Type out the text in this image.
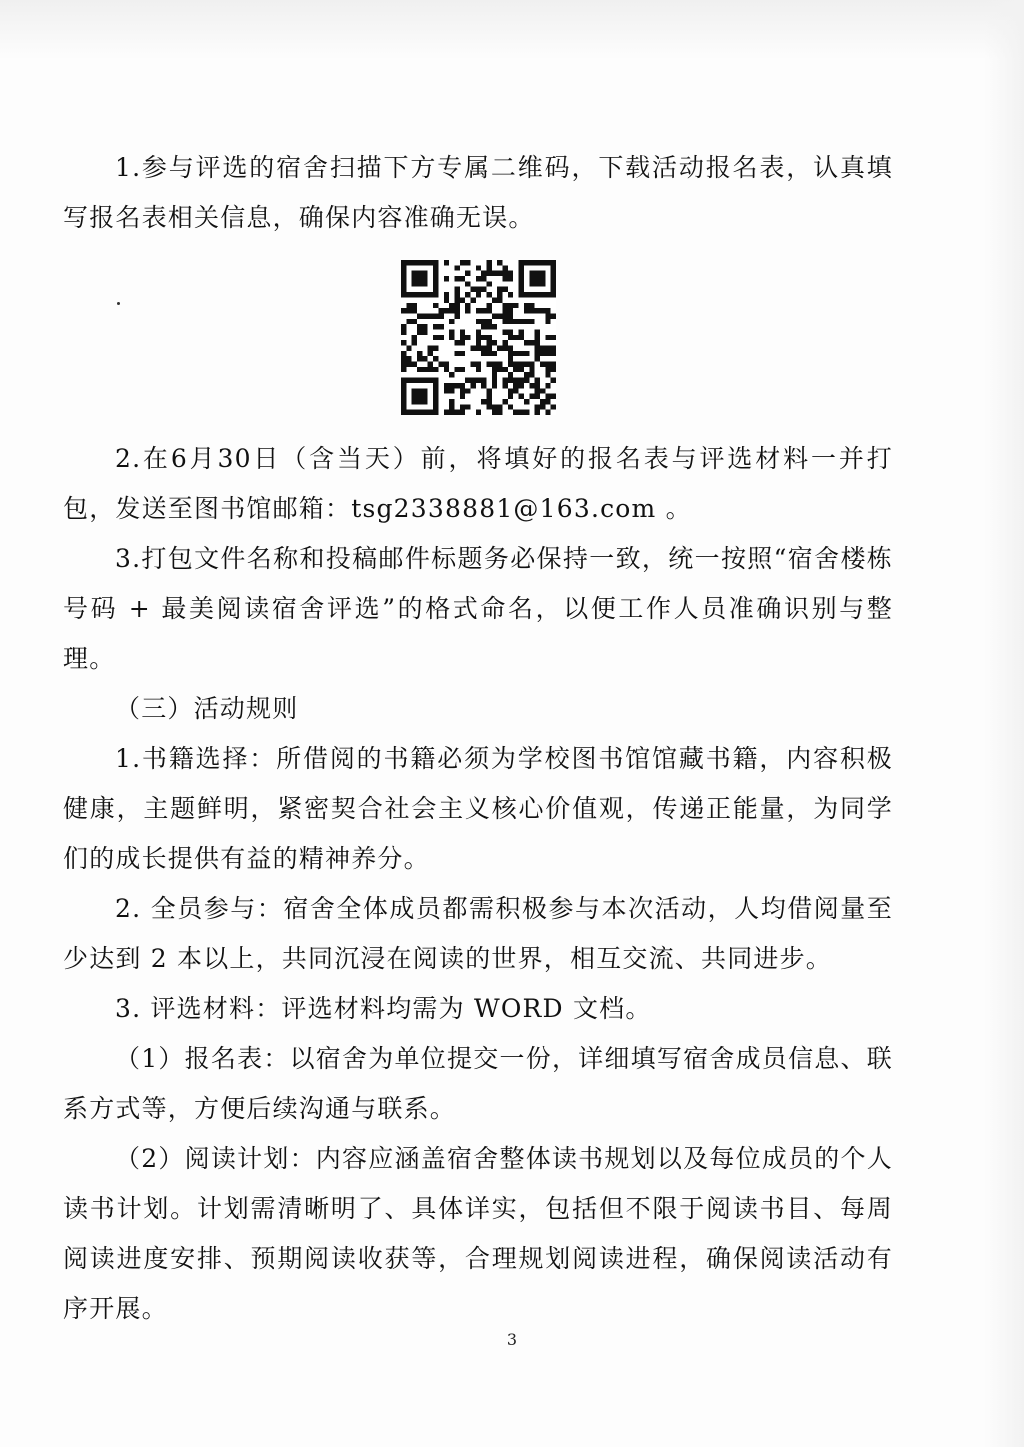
1.参与评选的宿舍扫描下方专属二维码，下载活动报名表，认真填写报名表相关信息，确保内容准确无误。

2.在6月30日（含当天）前，将填好的报名表与评选材料一并打包，发送至图书馆邮箱：tsg2338881@163.com 。

3.打包文件名称和投稿邮件标题务必保持一致，统一按照“宿舍楼栋号码 + 最美阅读宿舍评选”的格式命名，以便工作人员准确识别与整理。

（三）活动规则

1.书籍选择：所借阅的书籍必须为学校图书馆馆藏书籍，内容积极健康，主题鲜明，紧密契合社会主义核心价值观，传递正能量，为同学们的成长提供有益的精神养分。

2. 全员参与：宿舍全体成员都需积极参与本次活动，人均借阅量至少达到 2 本以上，共同沉浸在阅读的世界，相互交流、共同进步。

3. 评选材料：评选材料均需为 WORD 文档。

（1）报名表：以宿舍为单位提交一份，详细填写宿舍成员信息、联系方式等，方便后续沟通与联系。

（2）阅读计划：内容应涵盖宿舍整体读书规划以及每位成员的个人读书计划。计划需清晰明了、具体详实，包括但不限于阅读书目、每周阅读进度安排、预期阅读收获等，合理规划阅读进程，确保阅读活动有序开展。

3
